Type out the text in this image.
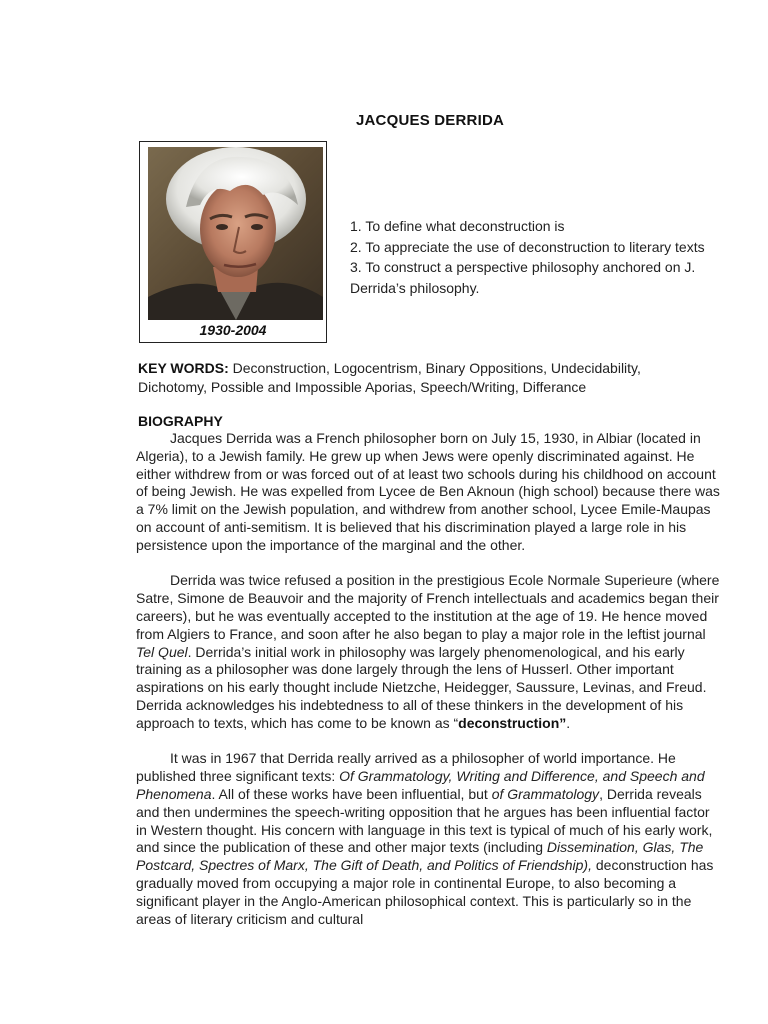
JACQUES DERRIDA
1930-2004
1. To define what deconstruction is
2. To appreciate the use of deconstruction to literary texts
3. To construct a perspective philosophy anchored on J. Derrida’s philosophy.
KEY WORDS: Deconstruction, Logocentrism, Binary Oppositions, Undecidability, Dichotomy, Possible and Impossible Aporias, Speech/Writing, Differance
BIOGRAPHY

Jacques Derrida was a French philosopher born on July 15, 1930, in Albiar (located in Algeria), to a Jewish family. He grew up when Jews were openly discriminated against. He either withdrew from or was forced out of at least two schools during his childhood on account of being Jewish. He was expelled from Lycee de Ben Aknoun (high school) because there was a 7% limit on the Jewish population, and withdrew from another school, Lycee Emile-Maupas on account of anti-semitism. It is believed that his discrimination played a large role in his persistence upon the importance of the marginal and the other.

Derrida was twice refused a position in the prestigious Ecole Normale Superieure (where Satre, Simone de Beauvoir and the majority of French intellectuals and academics began their careers), but he was eventually accepted to the institution at the age of 19. He hence moved from Algiers to France, and soon after he also began to play a major role in the leftist journal Tel Quel. Derrida’s initial work in philosophy was largely phenomenological, and his early training as a philosopher was done largely through the lens of Husserl. Other important aspirations on his early thought include Nietzche, Heidegger, Saussure, Levinas, and Freud. Derrida acknowledges his indebtedness to all of these thinkers in the development of his approach to texts, which has come to be known as “deconstruction”.

It was in 1967 that Derrida really arrived as a philosopher of world importance. He published three significant texts: Of Grammatology, Writing and Difference, and Speech and Phenomena. All of these works have been influential, but of Grammatology, Derrida reveals and then undermines the speech-writing opposition that he argues has been influential factor in Western thought. His concern with language in this text is typical of much of his early work, and since the publication of these and other major texts (including Dissemination, Glas, The Postcard, Spectres of Marx, The Gift of Death, and Politics of Friendship), deconstruction has gradually moved from occupying a major role in continental Europe, to also becoming a significant player in the Anglo-American philosophical context. This is particularly so in the areas of literary criticism and cultural
